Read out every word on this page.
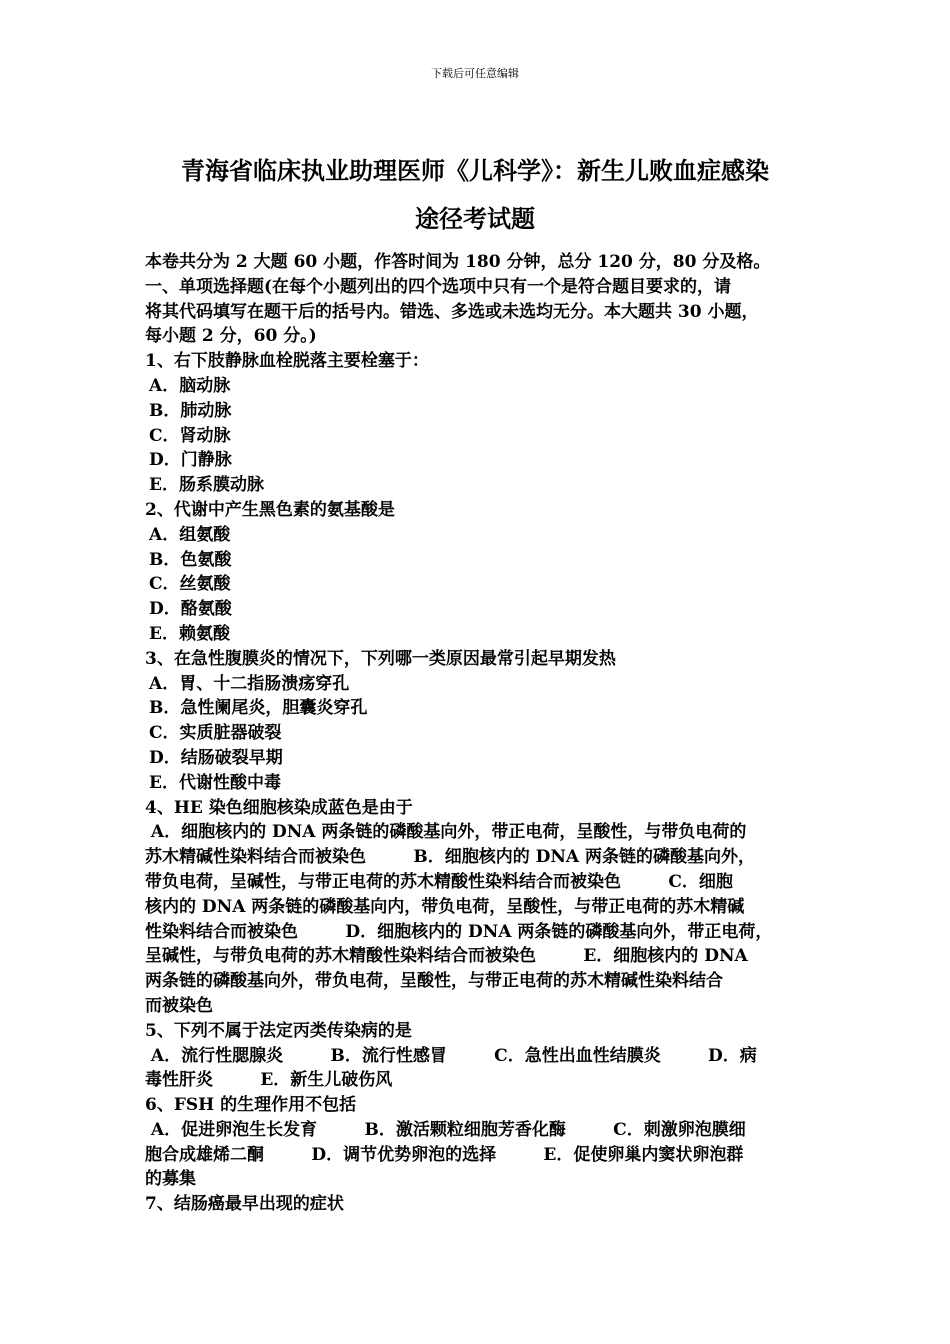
下载后可任意编辑
青海省临床执业助理医师《儿科学》：新生儿败血症感染
途径考试题
本卷共分为 2 大题 60 小题，作答时间为 180 分钟，总分 120 分，80 分及格。
一、单项选择题(在每个小题列出的四个选项中只有一个是符合题目要求的，请
将其代码填写在题干后的括号内。错选、多选或未选均无分。本大题共 30 小题，
每小题 2 分，60 分。)
1、右下肢静脉血栓脱落主要栓塞于：
A．脑动脉
B．肺动脉
C．肾动脉
D．门静脉
E．肠系膜动脉
2、代谢中产生黑色素的氨基酸是
A．组氨酸
B．色氨酸
C．丝氨酸
D．酪氨酸
E．赖氨酸
3、在急性腹膜炎的情况下，下列哪一类原因最常引起早期发热
A．胃、十二指肠溃疡穿孔
B．急性阑尾炎，胆囊炎穿孔
C．实质脏器破裂
D．结肠破裂早期
E．代谢性酸中毒
4、HE 染色细胞核染成蓝色是由于
A．细胞核内的 DNA 两条链的磷酸基向外，带正电荷，呈酸性，与带负电荷的
苏木精碱性染料结合而被染色        B．细胞核内的 DNA 两条链的磷酸基向外，
带负电荷，呈碱性，与带正电荷的苏木精酸性染料结合而被染色        C．细胞
核内的 DNA 两条链的磷酸基向内，带负电荷，呈酸性，与带正电荷的苏木精碱
性染料结合而被染色        D．细胞核内的 DNA 两条链的磷酸基向外，带正电荷，
呈碱性，与带负电荷的苏木精酸性染料结合而被染色        E．细胞核内的 DNA
两条链的磷酸基向外，带负电荷，呈酸性，与带正电荷的苏木精碱性染料结合
而被染色
5、下列不属于法定丙类传染病的是
A．流行性腮腺炎        B．流行性感冒        C．急性出血性结膜炎        D．病
毒性肝炎        E．新生儿破伤风
6、FSH 的生理作用不包括
A．促进卵泡生长发育        B．激活颗粒细胞芳香化酶        C．刺激卵泡膜细
胞合成雄烯二酮        D．调节优势卵泡的选择        E．促使卵巢内窦状卵泡群
的募集
7、结肠癌最早出现的症状
